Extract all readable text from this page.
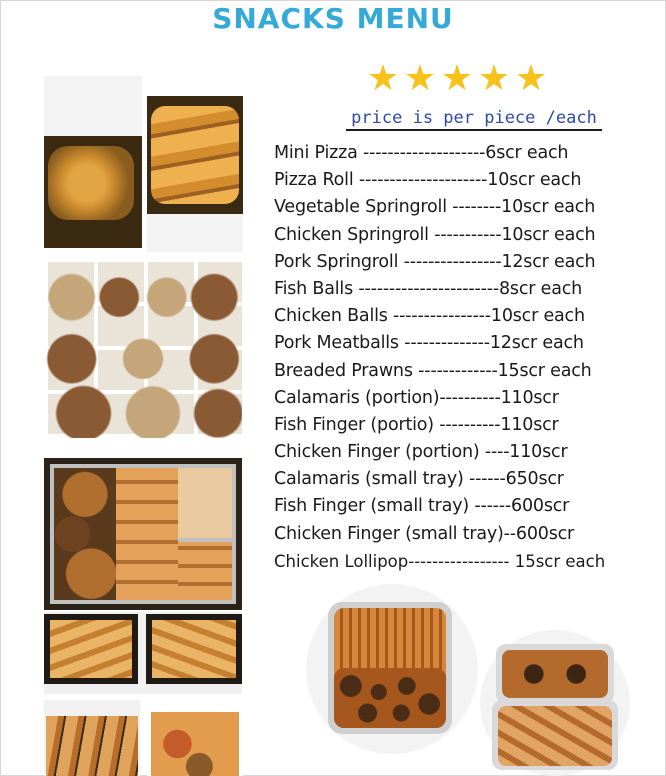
SNACKS MENU
★ ★ ★ ★ ★
price is per piece /each
Mini Pizza --------------------6scr each
Pizza Roll ---------------------10scr each
Vegetable Springroll --------10scr each
Chicken Springroll -----------10scr each
Pork Springroll ----------------12scr each
Fish Balls -----------------------8scr each
Chicken Balls ----------------10scr each
Pork Meatballs --------------12scr each
Breaded Prawns -------------15scr each
Calamaris (portion)----------110scr
Fish Finger (portio) ----------110scr
Chicken Finger (portion) ----110scr
Calamaris (small tray) ------650scr
Fish Finger (small tray) ------600scr
Chicken Finger (small tray)--600scr
Chicken Lollipop----------------- 15scr each
